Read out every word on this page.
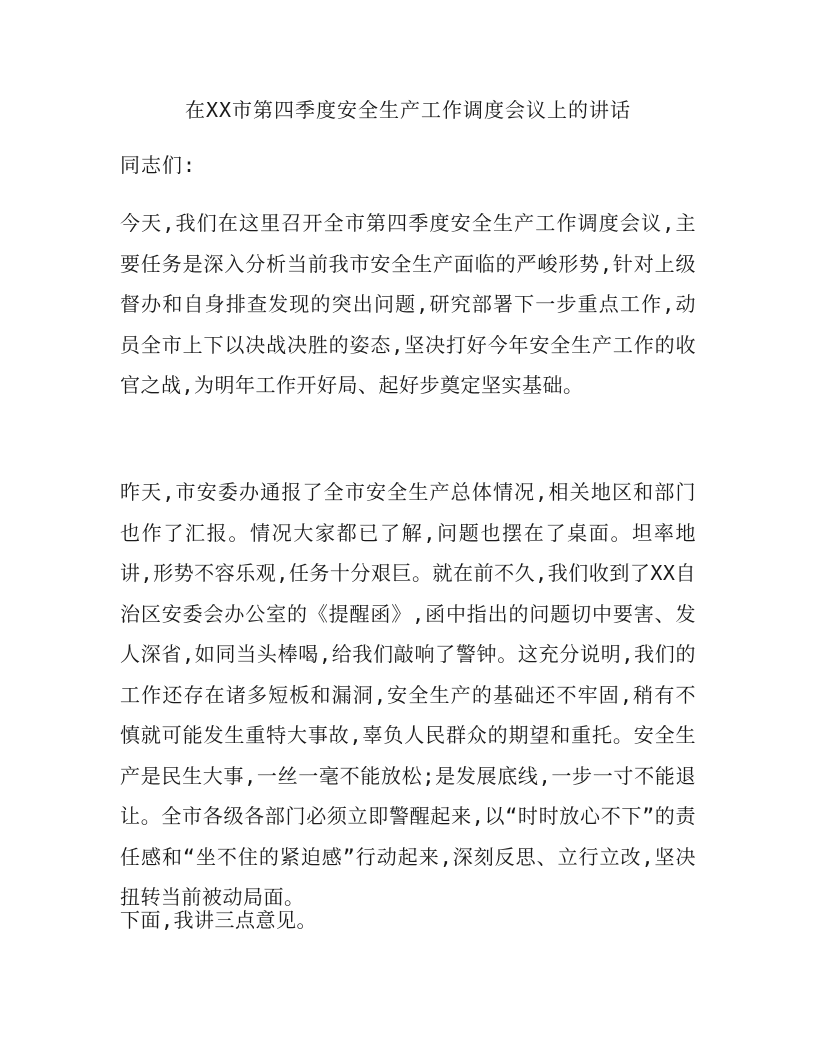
在XX市第四季度安全生产工作调度会议上的讲话

同志们:

今天,我们在这里召开全市第四季度安全生产工作调度会议,主要任务是深入分析当前我市安全生产面临的严峻形势,针对上级督办和自身排查发现的突出问题,研究部署下一步重点工作,动员全市上下以决战决胜的姿态,坚决打好今年安全生产工作的收官之战,为明年工作开好局、起好步奠定坚实基础。

昨天,市安委办通报了全市安全生产总体情况,相关地区和部门也作了汇报。情况大家都已了解,问题也摆在了桌面。坦率地讲,形势不容乐观,任务十分艰巨。就在前不久,我们收到了XX自治区安委会办公室的《提醒函》,函中指出的问题切中要害、发人深省,如同当头棒喝,给我们敲响了警钟。这充分说明,我们的工作还存在诸多短板和漏洞,安全生产的基础还不牢固,稍有不慎就可能发生重特大事故,辜负人民群众的期望和重托。安全生产是民生大事,一丝一毫不能放松;是发展底线,一步一寸不能退让。全市各级各部门必须立即警醒起来,以“时时放心不下”的责任感和“坐不住的紧迫感”行动起来,深刻反思、立行立改,坚决扭转当前被动局面。

下面,我讲三点意见。
